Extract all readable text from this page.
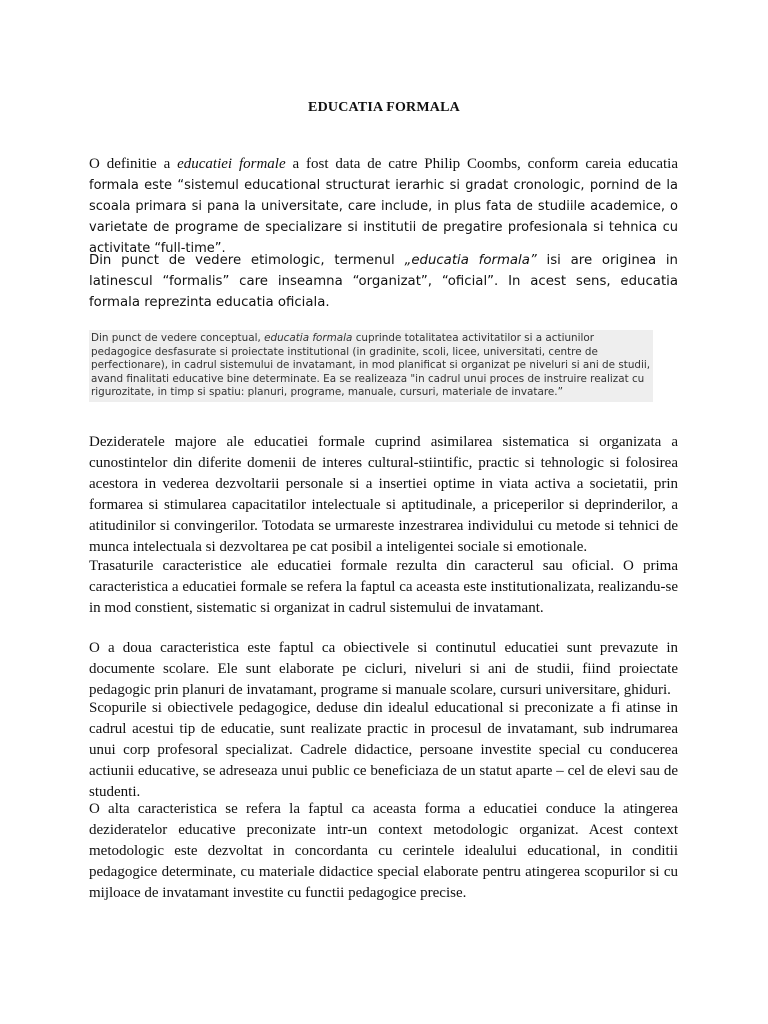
EDUCATIA FORMALA

O definitie a educatiei formale a fost data de catre Philip Coombs, conform careia educatia formala este “sistemul educational structurat ierarhic si gradat cronologic, pornind de la scoala primara si pana la universitate, care include, in plus fata de studiile academice, o varietate de programe de specializare si institutii de pregatire profesionala si tehnica cu activitate “full-time”.

Din punct de vedere etimologic, termenul „educatia formala” isi are originea in latinescul “formalis” care inseamna “organizat”, “oficial”. In acest sens, educatia formala reprezinta educatia oficiala.

Din punct de vedere conceptual, educatia formala cuprinde totalitatea activitatilor si a actiunilor pedagogice desfasurate si proiectate institutional (in gradinite, scoli, licee, universitati, centre de perfectionare), in cadrul sistemului de invatamant, in mod planificat si organizat pe niveluri si ani de studii, avand finalitati educative bine determinate. Ea se realizeaza "in cadrul unui proces de instruire realizat cu rigurozitate, in timp si spatiu: planuri, programe, manuale, cursuri, materiale de invatare.”

Dezideratele majore ale educatiei formale cuprind asimilarea sistematica si organizata a cunostintelor din diferite domenii de interes cultural-stiintific, practic si tehnologic si folosirea acestora in vederea dezvoltarii personale si a insertiei optime in viata activa a societatii, prin formarea si stimularea capacitatilor intelectuale si aptitudinale, a priceperilor si deprinderilor, a atitudinilor si convingerilor. Totodata se urmareste inzestrarea individului cu metode si tehnici de munca intelectuala si dezvoltarea pe cat posibil a inteligentei sociale si emotionale.

Trasaturile caracteristice ale educatiei formale rezulta din caracterul sau oficial. O prima caracteristica a educatiei formale se refera la faptul ca aceasta este institutionalizata, realizandu-se in mod constient, sistematic si organizat in cadrul sistemului de invatamant.

O a doua caracteristica este faptul ca obiectivele si continutul educatiei sunt prevazute in documente scolare. Ele sunt elaborate pe cicluri, niveluri si ani de studii, fiind proiectate pedagogic prin planuri de invatamant, programe si manuale scolare, cursuri universitare, ghiduri.

Scopurile si obiectivele pedagogice, deduse din idealul educational si preconizate a fi atinse in cadrul acestui tip de educatie, sunt realizate practic in procesul de invatamant, sub indrumarea unui corp profesoral specializat. Cadrele didactice, persoane investite special cu conducerea actiunii educative, se adreseaza unui public ce beneficiaza de un statut aparte – cel de elevi sau de studenti.

O alta caracteristica se refera la faptul ca aceasta forma a educatiei conduce la atingerea dezideratelor educative preconizate intr-un context metodologic organizat. Acest context metodologic este dezvoltat in concordanta cu cerintele idealului educational, in conditii pedagogice determinate, cu materiale didactice special elaborate pentru atingerea scopurilor si cu mijloace de invatamant investite cu functii pedagogice precise.
